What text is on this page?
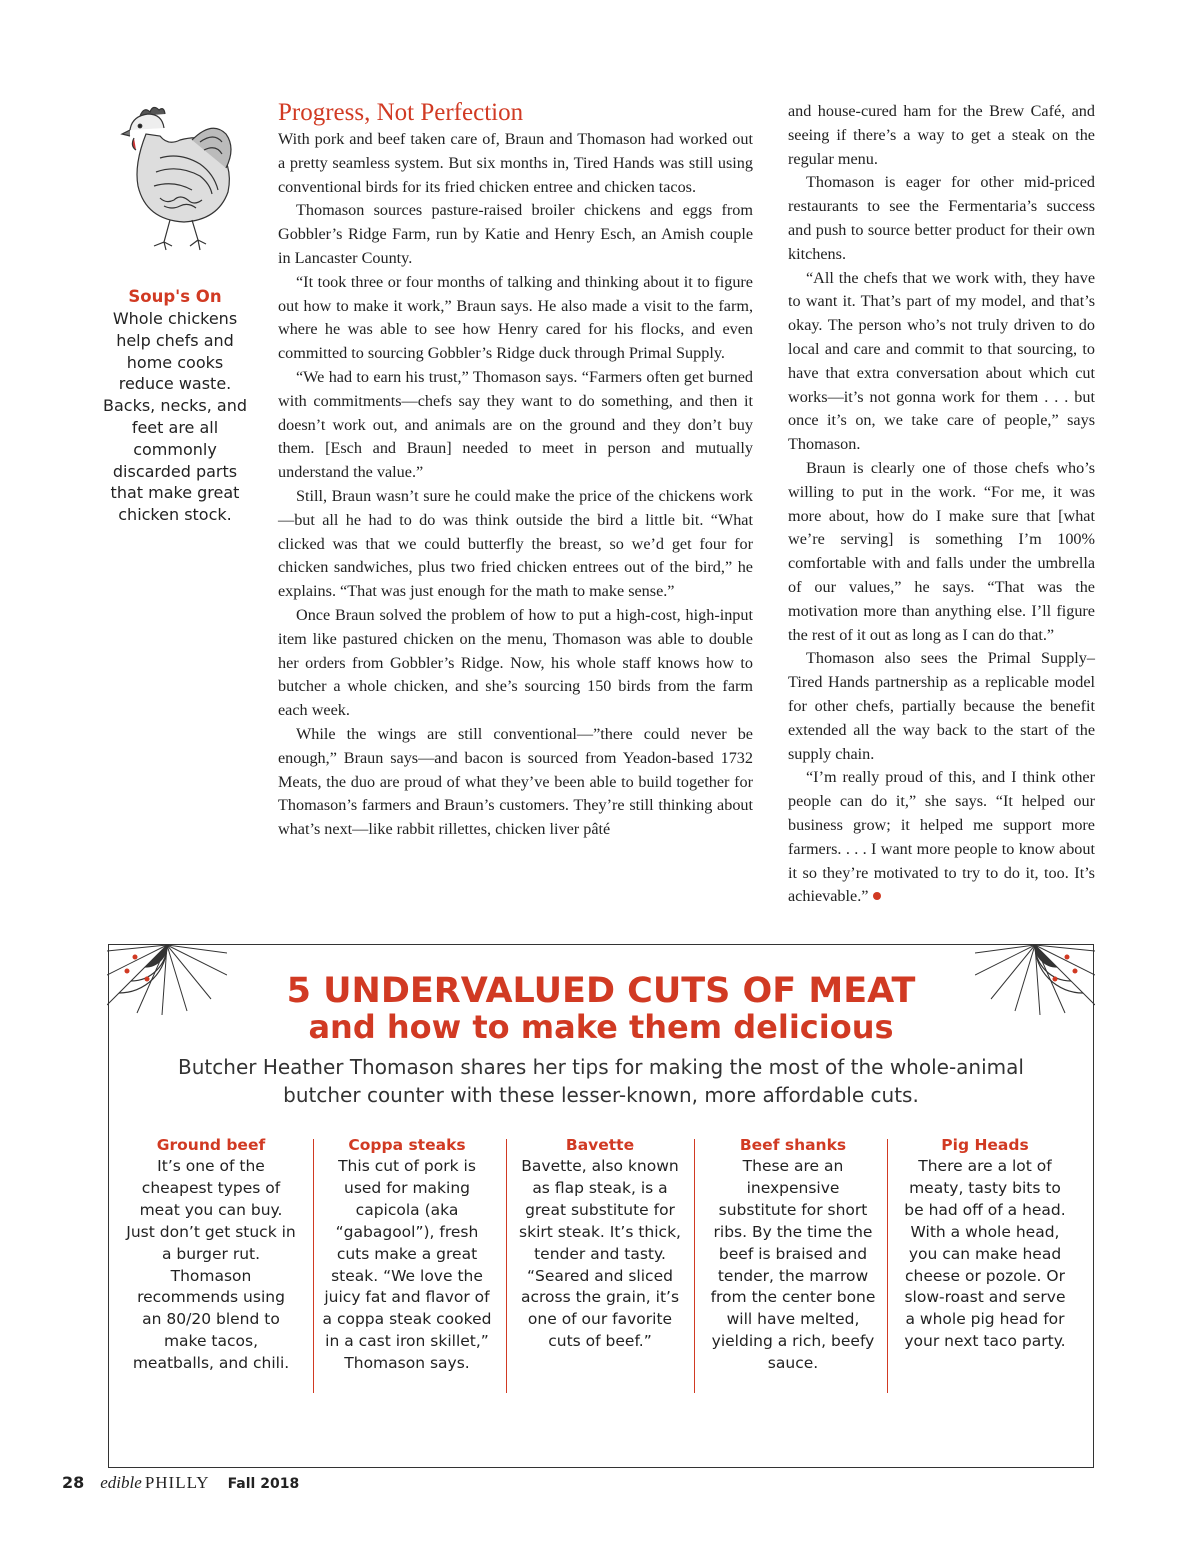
Soup's On
Whole chickens help chefs and home cooks reduce waste. Backs, necks, and feet are all commonly discarded parts that make great chicken stock.
Progress, Not Perfection

With pork and beef taken care of, Braun and Thomason had worked out a pretty seamless system. But six months in, Tired Hands was still using conventional birds for its fried chicken entree and chicken tacos.

Thomason sources pasture-raised broiler chickens and eggs from Gobbler’s Ridge Farm, run by Katie and Henry Esch, an Amish couple in Lancaster County.

“It took three or four months of talking and thinking about it to figure out how to make it work,” Braun says. He also made a visit to the farm, where he was able to see how Henry cared for his flocks, and even committed to sourcing Gobbler’s Ridge duck through Primal Supply.

“We had to earn his trust,” Thomason says. “Farmers often get burned with commitments—chefs say they want to do something, and then it doesn’t work out, and animals are on the ground and they don’t buy them. [Esch and Braun] needed to meet in person and mutually understand the value.”

Still, Braun wasn’t sure he could make the price of the chickens work—but all he had to do was think outside the bird a little bit. “What clicked was that we could butterfly the breast, so we’d get four for chicken sandwiches, plus two fried chicken entrees out of the bird,” he explains. “That was just enough for the math to make sense.”

Once Braun solved the problem of how to put a high-cost, high-input item like pastured chicken on the menu, Thomason was able to double her orders from Gobbler’s Ridge. Now, his whole staff knows how to butcher a whole chicken, and she’s sourcing 150 birds from the farm each week.

While the wings are still conventional—”there could never be enough,” Braun says—and bacon is sourced from Yeadon-based 1732 Meats, the duo are proud of what they’ve been able to build together for Thomason’s farmers and Braun’s customers. They’re still thinking about what’s next—like rabbit rillettes, chicken liver pâté

and house-cured ham for the Brew Café, and seeing if there’s a way to get a steak on the regular menu.

Thomason is eager for other mid-priced restaurants to see the Fermentaria’s success and push to source better product for their own kitchens.

“All the chefs that we work with, they have to want it. That’s part of my model, and that’s okay. The person who’s not truly driven to do local and care and commit to that sourcing, to have that extra conversation about which cut works—it’s not gonna work for them . . . but once it’s on, we take care of people,” says Thomason.

Braun is clearly one of those chefs who’s willing to put in the work. “For me, it was more about, how do I make sure that [what we’re serving] is something I’m 100% comfortable with and falls under the umbrella of our values,” he says. “That was the motivation more than anything else. I’ll figure the rest of it out as long as I can do that.”

Thomason also sees the Primal Supply–Tired Hands partnership as a replicable model for other chefs, partially because the benefit extended all the way back to the start of the supply chain.

“I’m really proud of this, and I think other people can do it,” she says. “It helped our business grow; it helped me support more farmers. . . . I want more people to know about it so they’re motivated to try to do it, too. It’s achievable.”

5 UNDERVALUED CUTS OF MEAT
and how to make them delicious
Butcher Heather Thomason shares her tips for making the most of the whole-animal butcher counter with these lesser-known, more affordable cuts.
Ground beef
It’s one of the cheapest types of meat you can buy. Just don’t get stuck in a burger rut. Thomason recommends using an 80/20 blend to make tacos, meatballs, and chili.
Coppa steaks
This cut of pork is used for making capicola (aka “gabagool”), fresh cuts make a great steak. “We love the juicy fat and flavor of a coppa steak cooked in a cast iron skillet,” Thomason says.
Bavette
Bavette, also known as flap steak, is a great substitute for skirt steak. It’s thick, tender and tasty. “Seared and sliced across the grain, it’s one of our favorite cuts of beef.”
Beef shanks
These are an inexpensive substitute for short ribs. By the time the beef is braised and tender, the marrow from the center bone will have melted, yielding a rich, beefy sauce.
Pig Heads
There are a lot of meaty, tasty bits to be had off of a head. With a whole head, you can make head cheese or pozole. Or slow-roast and serve a whole pig head for your next taco party.
28 edible PHILLY Fall 2018
